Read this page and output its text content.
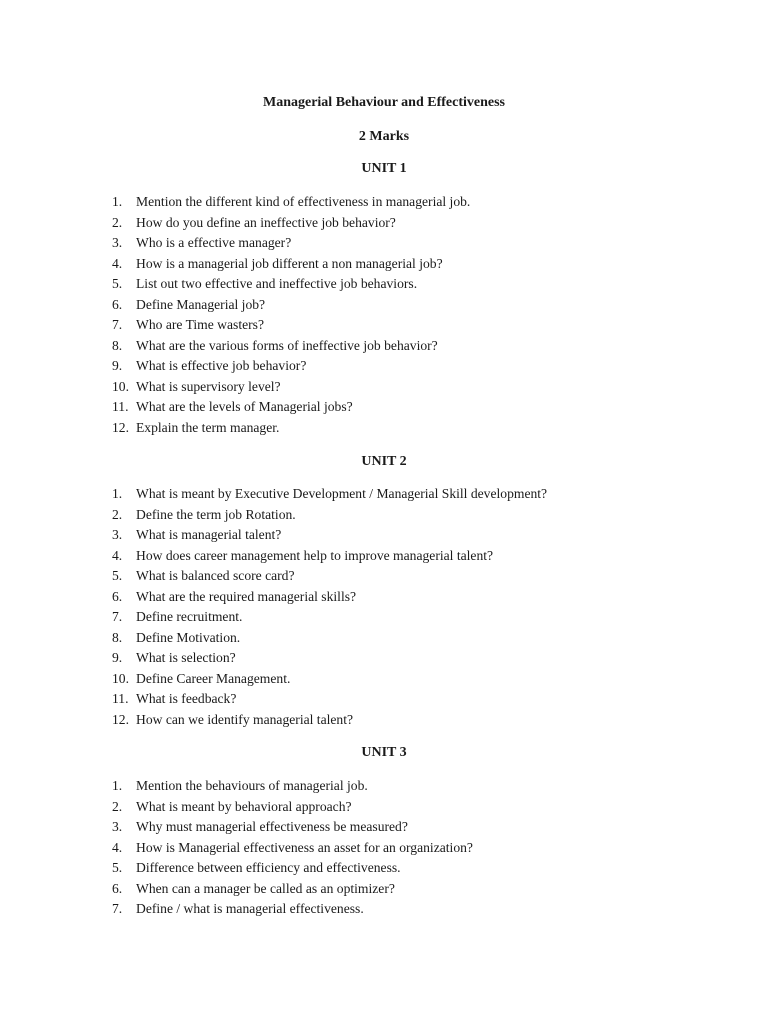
Managerial Behaviour and Effectiveness
2 Marks
UNIT 1
1. Mention the different kind of effectiveness in managerial job.
2. How do you define an ineffective job behavior?
3. Who is a effective manager?
4. How is a managerial job different a non managerial job?
5. List out two effective and ineffective job behaviors.
6. Define Managerial job?
7. Who are Time wasters?
8. What are the various forms of ineffective job behavior?
9. What is effective job behavior?
10. What is supervisory level?
11. What are the levels of Managerial jobs?
12. Explain the term manager.
UNIT 2
1. What is meant by Executive Development / Managerial Skill development?
2. Define the term job Rotation.
3. What is managerial talent?
4. How does career management help to improve managerial talent?
5. What is balanced score card?
6. What are the required managerial skills?
7. Define recruitment.
8. Define Motivation.
9. What is selection?
10. Define Career Management.
11. What is feedback?
12. How can we identify managerial talent?
UNIT 3
1. Mention the behaviours of managerial job.
2. What is meant by behavioral approach?
3. Why must managerial effectiveness be measured?
4. How is Managerial effectiveness an asset for an organization?
5. Difference between efficiency and effectiveness.
6. When can a manager be called as an optimizer?
7. Define / what is managerial effectiveness.
